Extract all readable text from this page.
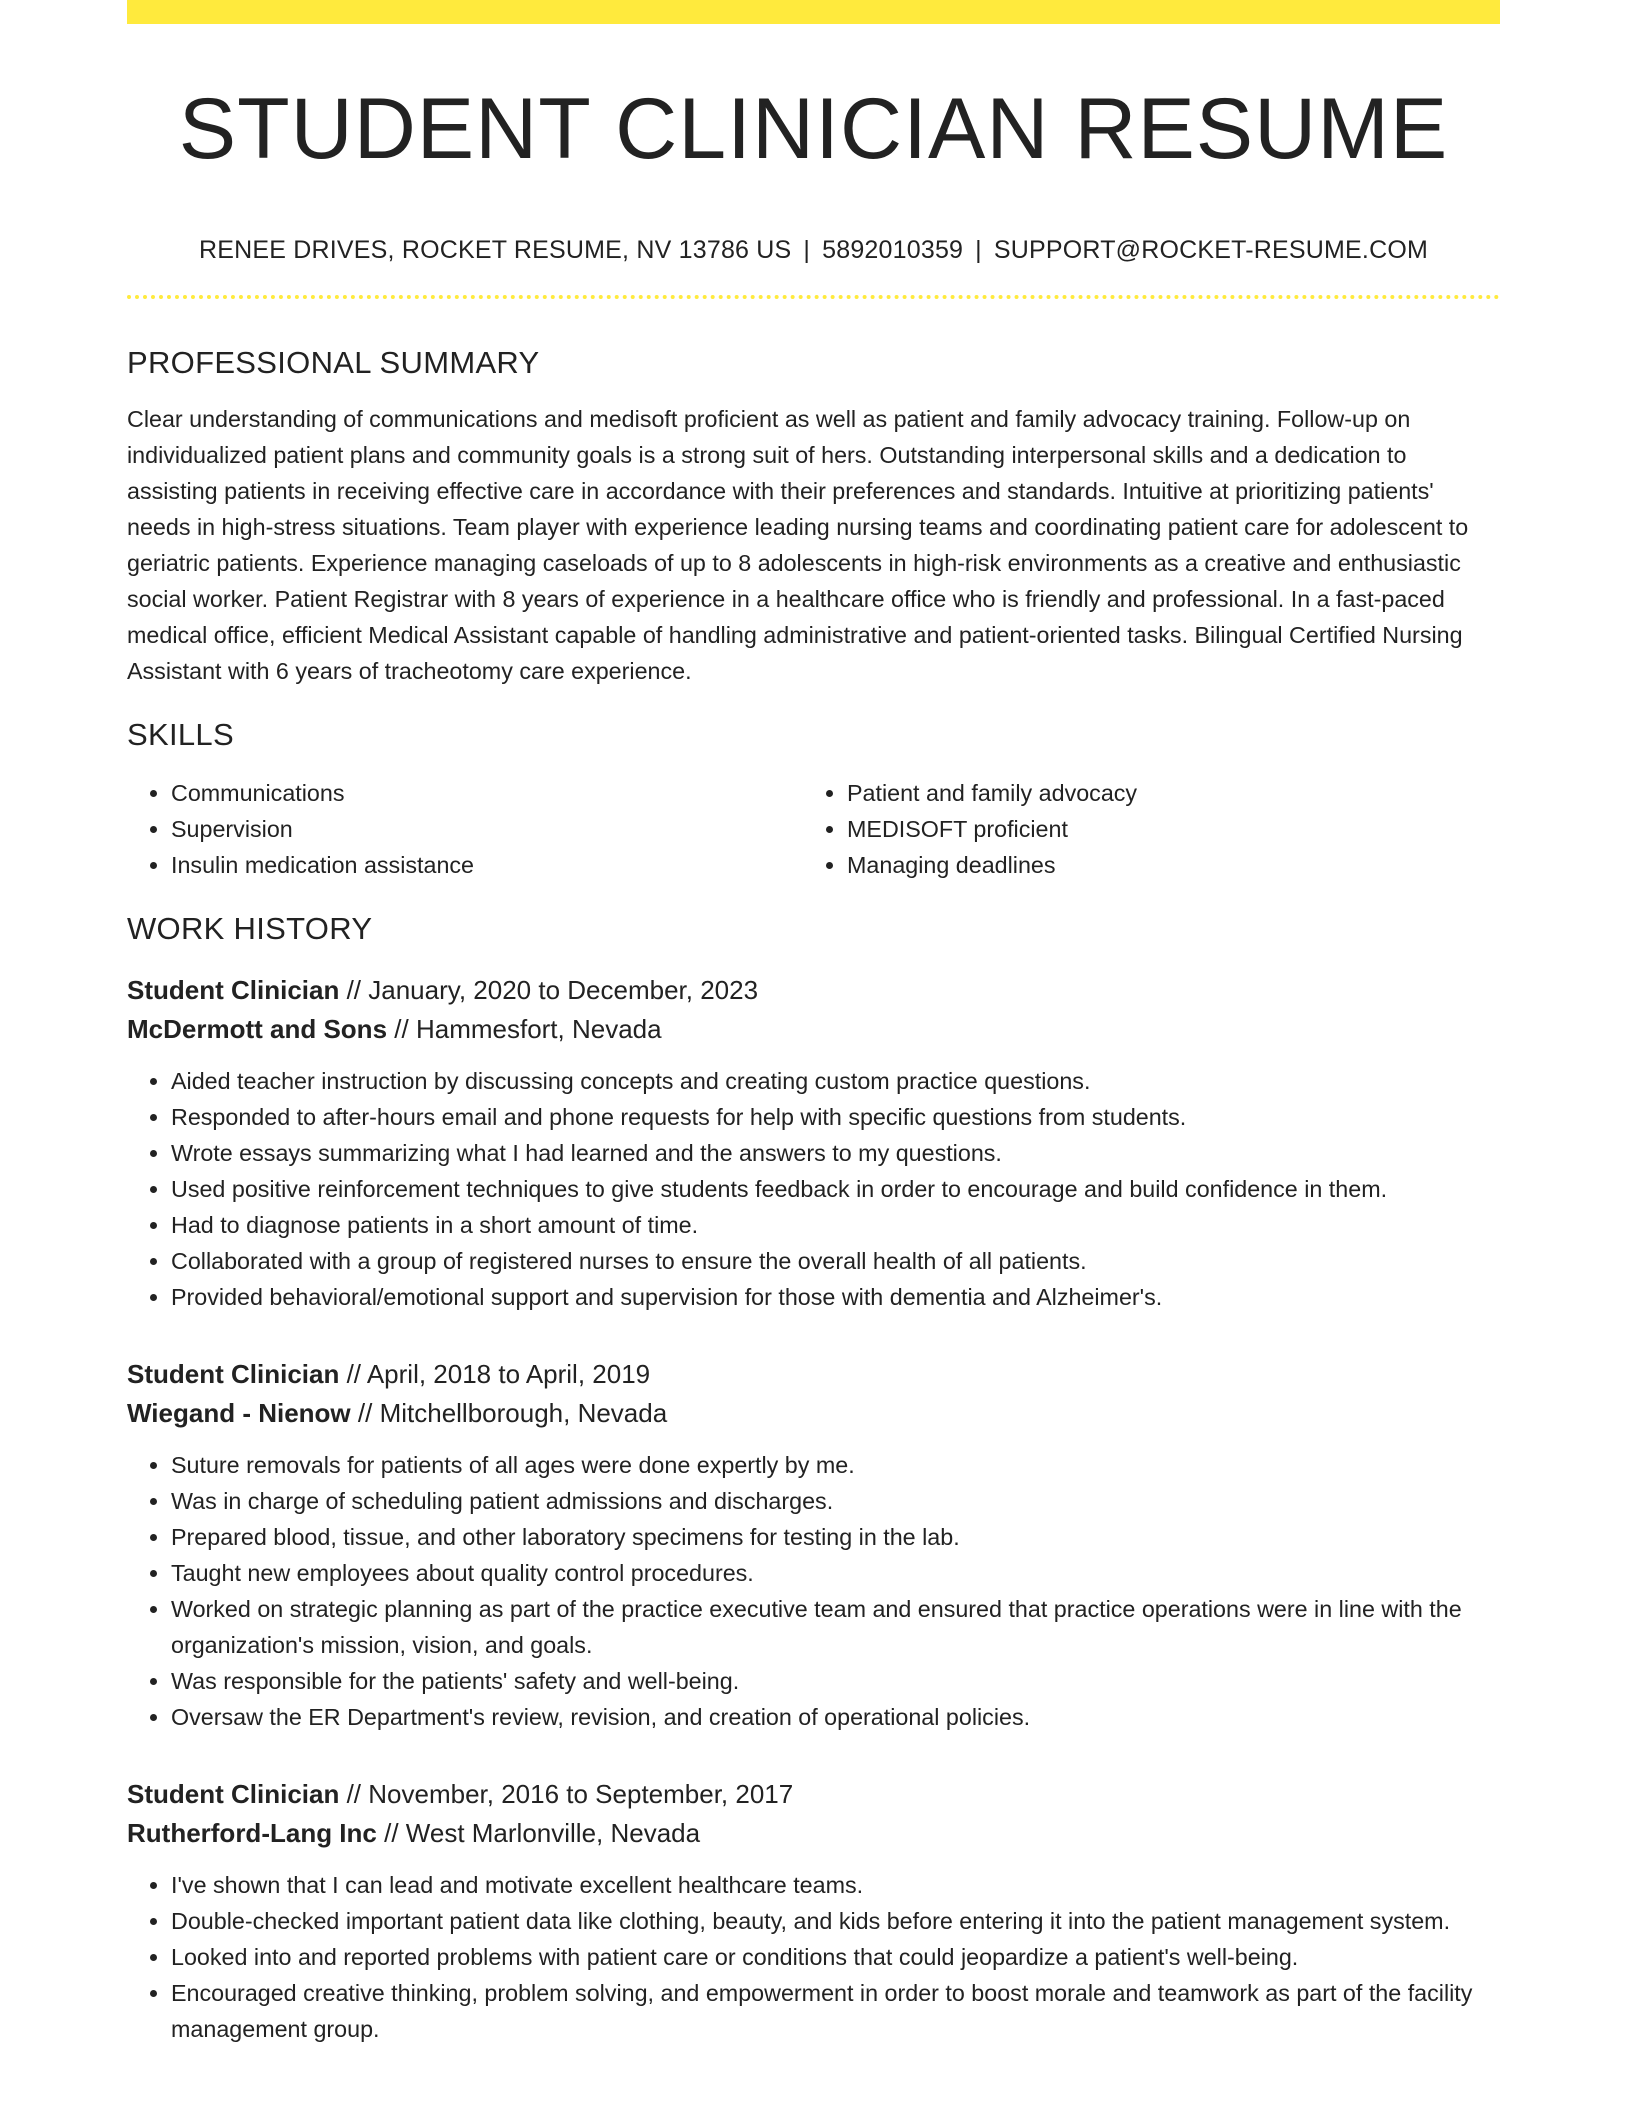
STUDENT CLINICIAN RESUME
RENEE DRIVES, ROCKET RESUME, NV 13786 US | 5892010359 | SUPPORT@ROCKET-RESUME.COM
PROFESSIONAL SUMMARY

Clear understanding of communications and medisoft proficient as well as patient and family advocacy training. Follow-up on individualized patient plans and community goals is a strong suit of hers. Outstanding interpersonal skills and a dedication to assisting patients in receiving effective care in accordance with their preferences and standards. Intuitive at prioritizing patients' needs in high-stress situations. Team player with experience leading nursing teams and coordinating patient care for adolescent to geriatric patients. Experience managing caseloads of up to 8 adolescents in high-risk environments as a creative and enthusiastic social worker. Patient Registrar with 8 years of experience in a healthcare office who is friendly and professional. In a fast-paced medical office, efficient Medical Assistant capable of handling administrative and patient-oriented tasks. Bilingual Certified Nursing Assistant with 6 years of tracheotomy care experience.

SKILLS
• Communications
• Supervision
• Insulin medication assistance
• Patient and family advocacy
• MEDISOFT proficient
• Managing deadlines
WORK HISTORY
Student Clinician // January, 2020 to December, 2023
McDermott and Sons // Hammesfort, Nevada
• Aided teacher instruction by discussing concepts and creating custom practice questions.
• Responded to after-hours email and phone requests for help with specific questions from students.
• Wrote essays summarizing what I had learned and the answers to my questions.
• Used positive reinforcement techniques to give students feedback in order to encourage and build confidence in them.
• Had to diagnose patients in a short amount of time.
• Collaborated with a group of registered nurses to ensure the overall health of all patients.
• Provided behavioral/emotional support and supervision for those with dementia and Alzheimer's.
Student Clinician // April, 2018 to April, 2019
Wiegand - Nienow // Mitchellborough, Nevada
• Suture removals for patients of all ages were done expertly by me.
• Was in charge of scheduling patient admissions and discharges.
• Prepared blood, tissue, and other laboratory specimens for testing in the lab.
• Taught new employees about quality control procedures.
• Worked on strategic planning as part of the practice executive team and ensured that practice operations were in line with the organization's mission, vision, and goals.
• Was responsible for the patients' safety and well-being.
• Oversaw the ER Department's review, revision, and creation of operational policies.
Student Clinician // November, 2016 to September, 2017
Rutherford-Lang Inc // West Marlonville, Nevada
• I've shown that I can lead and motivate excellent healthcare teams.
• Double-checked important patient data like clothing, beauty, and kids before entering it into the patient management system.
• Looked into and reported problems with patient care or conditions that could jeopardize a patient's well-being.
• Encouraged creative thinking, problem solving, and empowerment in order to boost morale and teamwork as part of the facility management group.
